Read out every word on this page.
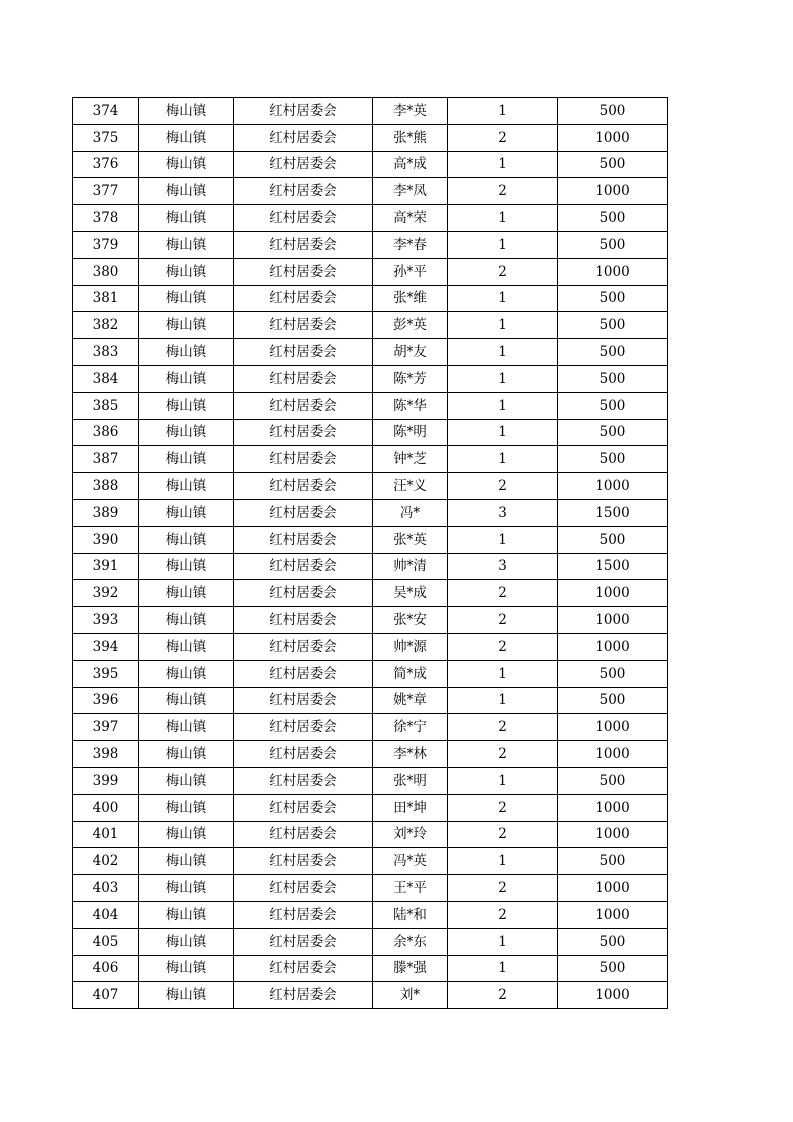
374	梅山镇	红村居委会	李*英	1	500
375	梅山镇	红村居委会	张*熊	2	1000
376	梅山镇	红村居委会	高*成	1	500
377	梅山镇	红村居委会	李*凤	2	1000
378	梅山镇	红村居委会	高*荣	1	500
379	梅山镇	红村居委会	李*春	1	500
380	梅山镇	红村居委会	孙*平	2	1000
381	梅山镇	红村居委会	张*维	1	500
382	梅山镇	红村居委会	彭*英	1	500
383	梅山镇	红村居委会	胡*友	1	500
384	梅山镇	红村居委会	陈*芳	1	500
385	梅山镇	红村居委会	陈*华	1	500
386	梅山镇	红村居委会	陈*明	1	500
387	梅山镇	红村居委会	钟*芝	1	500
388	梅山镇	红村居委会	汪*义	2	1000
389	梅山镇	红村居委会	冯*	3	1500
390	梅山镇	红村居委会	张*英	1	500
391	梅山镇	红村居委会	帅*清	3	1500
392	梅山镇	红村居委会	吴*成	2	1000
393	梅山镇	红村居委会	张*安	2	1000
394	梅山镇	红村居委会	帅*源	2	1000
395	梅山镇	红村居委会	简*成	1	500
396	梅山镇	红村居委会	姚*章	1	500
397	梅山镇	红村居委会	徐*宁	2	1000
398	梅山镇	红村居委会	李*林	2	1000
399	梅山镇	红村居委会	张*明	1	500
400	梅山镇	红村居委会	田*坤	2	1000
401	梅山镇	红村居委会	刘*玲	2	1000
402	梅山镇	红村居委会	冯*英	1	500
403	梅山镇	红村居委会	王*平	2	1000
404	梅山镇	红村居委会	陆*和	2	1000
405	梅山镇	红村居委会	余*东	1	500
406	梅山镇	红村居委会	滕*强	1	500
407	梅山镇	红村居委会	刘*	2	1000
